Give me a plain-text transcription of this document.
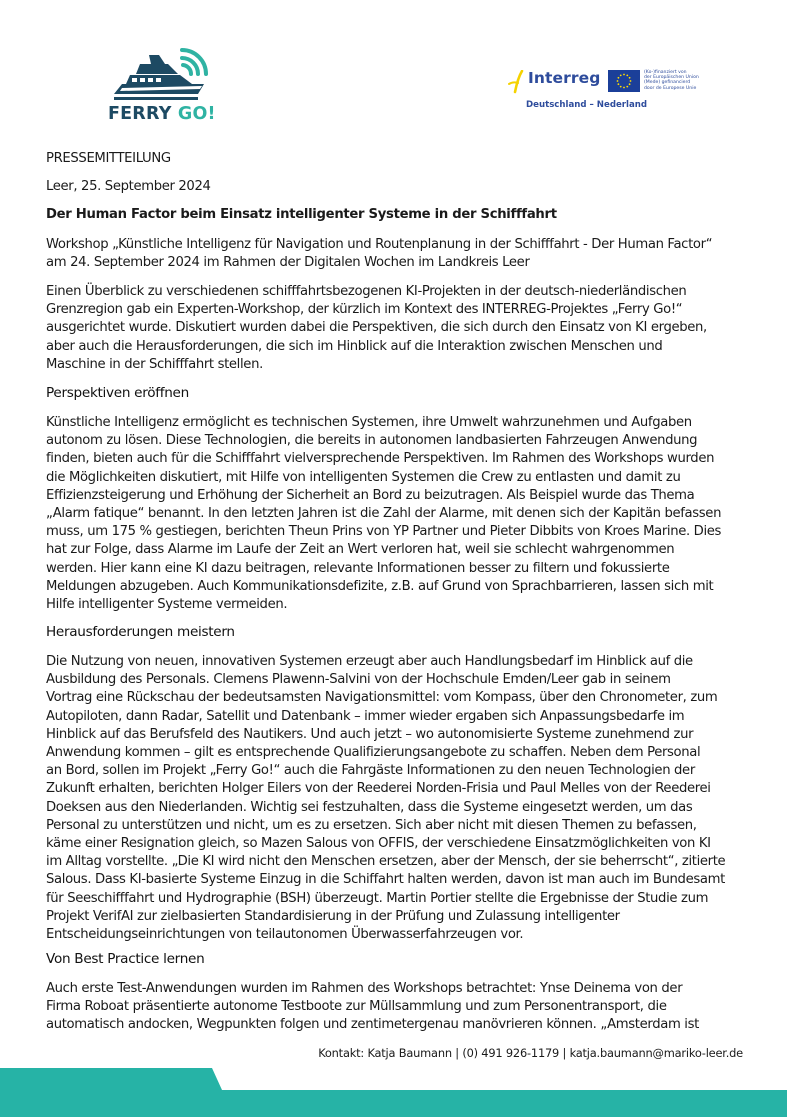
FERRY GO!
Interreg	(Ko-)finanziert von
der Europäischen Union
(Mede) gefinancierd
door de Europese Unie
Deutschland – Nederland
PRESSEMITTEILUNG
Leer, 25. September 2024
Der Human Factor beim Einsatz intelligenter Systeme in der Schifffahrt
Workshop „Künstliche Intelligenz für Navigation und Routenplanung in der Schifffahrt - Der Human Factor“
am 24. September 2024 im Rahmen der Digitalen Wochen im Landkreis Leer
Einen Überblick zu verschiedenen schifffahrtsbezogenen KI-Projekten in der deutsch-niederländischen
Grenzregion gab ein Experten-Workshop, der kürzlich im Kontext des INTERREG-Projektes „Ferry Go!“
ausgerichtet wurde. Diskutiert wurden dabei die Perspektiven, die sich durch den Einsatz von KI ergeben,
aber auch die Herausforderungen, die sich im Hinblick auf die Interaktion zwischen Menschen und
Maschine in der Schifffahrt stellen.
Perspektiven eröffnen
Künstliche Intelligenz ermöglicht es technischen Systemen, ihre Umwelt wahrzunehmen und Aufgaben
autonom zu lösen. Diese Technologien, die bereits in autonomen landbasierten Fahrzeugen Anwendung
finden, bieten auch für die Schifffahrt vielversprechende Perspektiven. Im Rahmen des Workshops wurden
die Möglichkeiten diskutiert, mit Hilfe von intelligenten Systemen die Crew zu entlasten und damit zu
Effizienzsteigerung und Erhöhung der Sicherheit an Bord zu beizutragen. Als Beispiel wurde das Thema
„Alarm fatique“ benannt. In den letzten Jahren ist die Zahl der Alarme, mit denen sich der Kapitän befassen
muss, um 175 % gestiegen, berichten Theun Prins von YP Partner und Pieter Dibbits von Kroes Marine. Dies
hat zur Folge, dass Alarme im Laufe der Zeit an Wert verloren hat, weil sie schlecht wahrgenommen
werden. Hier kann eine KI dazu beitragen, relevante Informationen besser zu filtern und fokussierte
Meldungen abzugeben. Auch Kommunikationsdefizite, z.B. auf Grund von Sprachbarrieren, lassen sich mit
Hilfe intelligenter Systeme vermeiden.
Herausforderungen meistern
Die Nutzung von neuen, innovativen Systemen erzeugt aber auch Handlungsbedarf im Hinblick auf die
Ausbildung des Personals. Clemens Plawenn-Salvini von der Hochschule Emden/Leer gab in seinem
Vortrag eine Rückschau der bedeutsamsten Navigationsmittel: vom Kompass, über den Chronometer, zum
Autopiloten, dann Radar, Satellit und Datenbank – immer wieder ergaben sich Anpassungsbedarfe im
Hinblick auf das Berufsfeld des Nautikers. Und auch jetzt – wo autonomisierte Systeme zunehmend zur
Anwendung kommen – gilt es entsprechende Qualifizierungsangebote zu schaffen. Neben dem Personal
an Bord, sollen im Projekt „Ferry Go!“ auch die Fahrgäste Informationen zu den neuen Technologien der
Zukunft erhalten, berichten Holger Eilers von der Reederei Norden-Frisia und Paul Melles von der Reederei
Doeksen aus den Niederlanden. Wichtig sei festzuhalten, dass die Systeme eingesetzt werden, um das
Personal zu unterstützen und nicht, um es zu ersetzen. Sich aber nicht mit diesen Themen zu befassen,
käme einer Resignation gleich, so Mazen Salous von OFFIS, der verschiedene Einsatzmöglichkeiten von KI
im Alltag vorstellte. „Die KI wird nicht den Menschen ersetzen, aber der Mensch, der sie beherrscht“, zitierte
Salous. Dass KI-basierte Systeme Einzug in die Schiffahrt halten werden, davon ist man auch im Bundesamt
für Seeschifffahrt und Hydrographie (BSH) überzeugt. Martin Portier stellte die Ergebnisse der Studie zum
Projekt VerifAI zur zielbasierten Standardisierung in der Prüfung und Zulassung intelligenter
Entscheidungseinrichtungen von teilautonomen Überwasserfahrzeugen vor.
Von Best Practice lernen
Auch erste Test-Anwendungen wurden im Rahmen des Workshops betrachtet: Ynse Deinema von der
Firma Roboat präsentierte autonome Testboote zur Müllsammlung und zum Personentransport, die
automatisch andocken, Wegpunkten folgen und zentimetergenau manövrieren können. „Amsterdam ist
Kontakt: Katja Baumann | (0) 491 926-1179 | katja.baumann@mariko-leer.de
